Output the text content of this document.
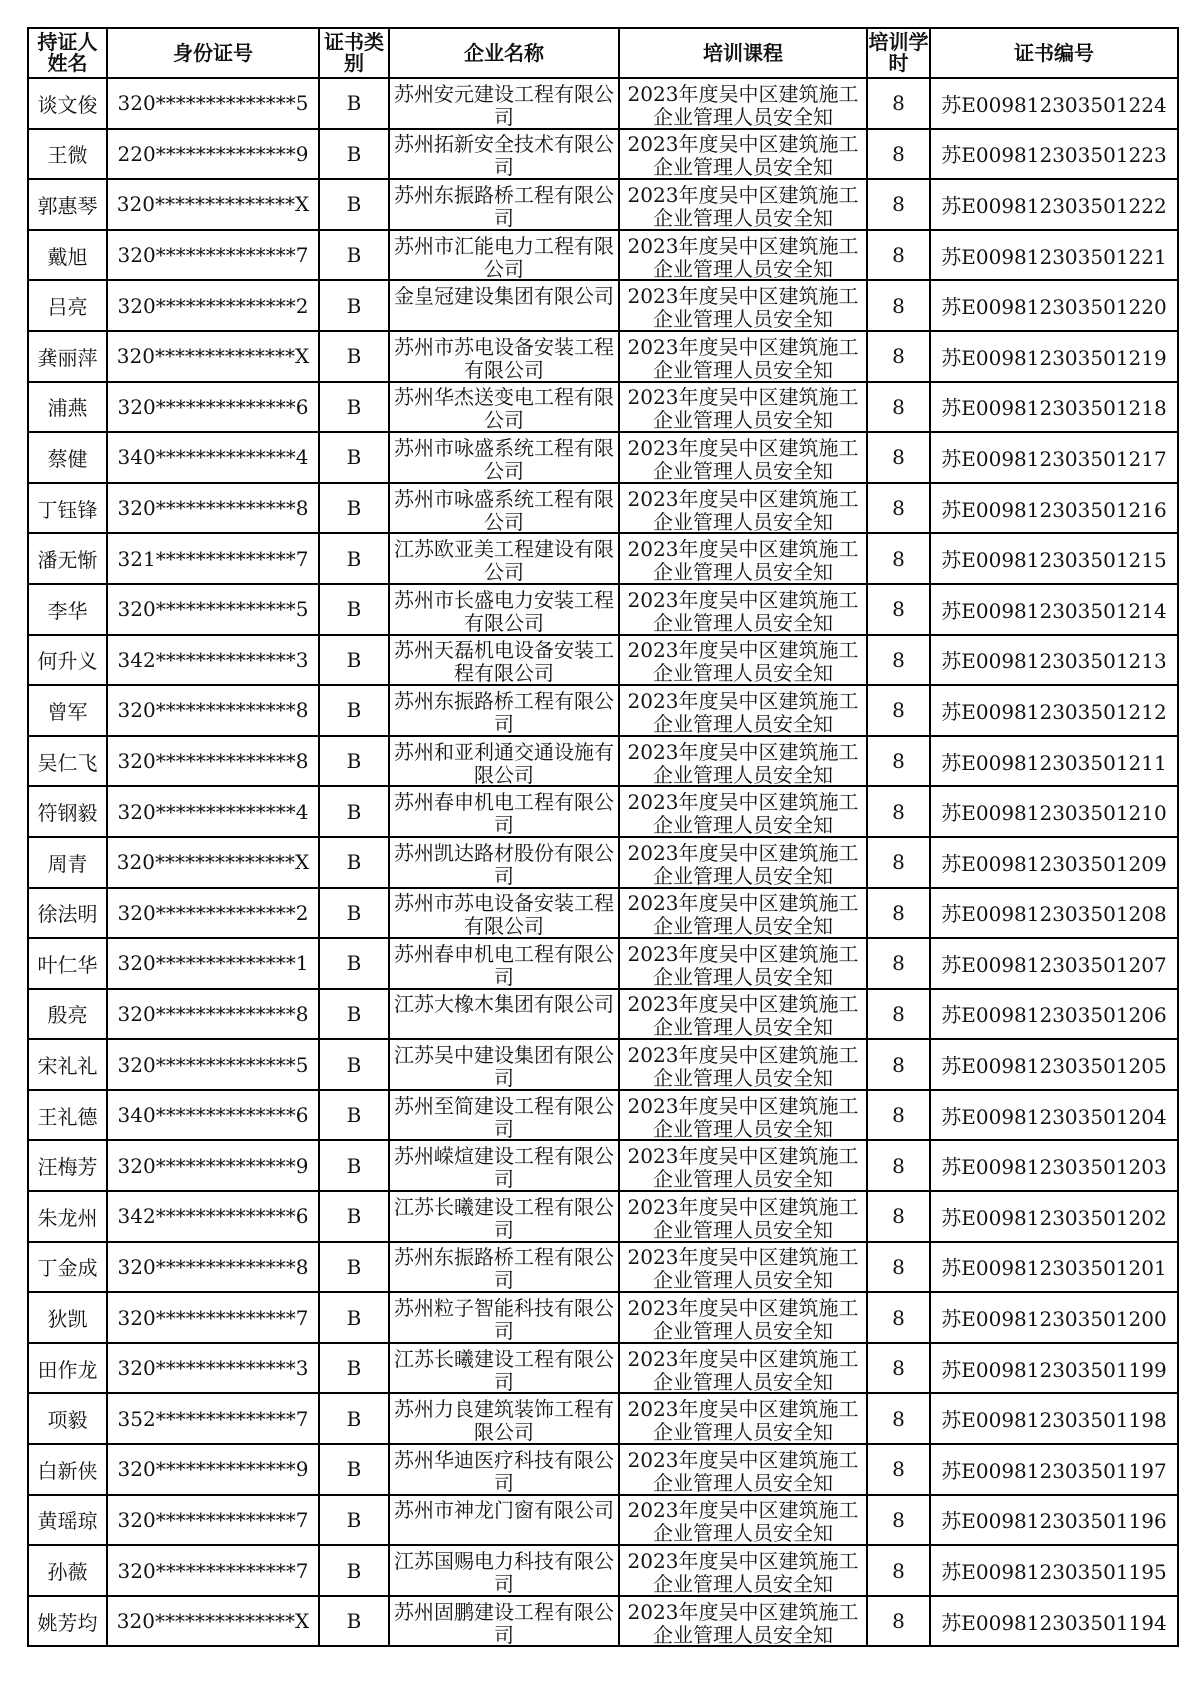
持证人姓名	身份证号	证书类别	企业名称	培训课程	培训学时	证书编号

谈文俊	320**************5	B	苏州安元建设工程有限公司	2023年度吴中区建筑施工企业管理人员安全知	8	苏E009812303501224
王微	220**************9	B	苏州拓新安全技术有限公司	2023年度吴中区建筑施工企业管理人员安全知	8	苏E009812303501223
郭惠琴	320**************X	B	苏州东振路桥工程有限公司	2023年度吴中区建筑施工企业管理人员安全知	8	苏E009812303501222
戴旭	320**************7	B	苏州市汇能电力工程有限公司	2023年度吴中区建筑施工企业管理人员安全知	8	苏E009812303501221
吕亮	320**************2	B	金皇冠建设集团有限公司	2023年度吴中区建筑施工企业管理人员安全知	8	苏E009812303501220
龚丽萍	320**************X	B	苏州市苏电设备安装工程有限公司	2023年度吴中区建筑施工企业管理人员安全知	8	苏E009812303501219
浦燕	320**************6	B	苏州华杰送变电工程有限公司	2023年度吴中区建筑施工企业管理人员安全知	8	苏E009812303501218
蔡健	340**************4	B	苏州市咏盛系统工程有限公司	2023年度吴中区建筑施工企业管理人员安全知	8	苏E009812303501217
丁钰锋	320**************8	B	苏州市咏盛系统工程有限公司	2023年度吴中区建筑施工企业管理人员安全知	8	苏E009812303501216
潘无惭	321**************7	B	江苏欧亚美工程建设有限公司	2023年度吴中区建筑施工企业管理人员安全知	8	苏E009812303501215
李华	320**************5	B	苏州市长盛电力安装工程有限公司	2023年度吴中区建筑施工企业管理人员安全知	8	苏E009812303501214
何升义	342**************3	B	苏州天磊机电设备安装工程有限公司	2023年度吴中区建筑施工企业管理人员安全知	8	苏E009812303501213
曾军	320**************8	B	苏州东振路桥工程有限公司	2023年度吴中区建筑施工企业管理人员安全知	8	苏E009812303501212
吴仁飞	320**************8	B	苏州和亚利通交通设施有限公司	2023年度吴中区建筑施工企业管理人员安全知	8	苏E009812303501211
符钢毅	320**************4	B	苏州春申机电工程有限公司	2023年度吴中区建筑施工企业管理人员安全知	8	苏E009812303501210
周青	320**************X	B	苏州凯达路材股份有限公司	2023年度吴中区建筑施工企业管理人员安全知	8	苏E009812303501209
徐法明	320**************2	B	苏州市苏电设备安装工程有限公司	2023年度吴中区建筑施工企业管理人员安全知	8	苏E009812303501208
叶仁华	320**************1	B	苏州春申机电工程有限公司	2023年度吴中区建筑施工企业管理人员安全知	8	苏E009812303501207
殷亮	320**************8	B	江苏大橡木集团有限公司	2023年度吴中区建筑施工企业管理人员安全知	8	苏E009812303501206
宋礼礼	320**************5	B	江苏吴中建设集团有限公司	2023年度吴中区建筑施工企业管理人员安全知	8	苏E009812303501205
王礼德	340**************6	B	苏州至简建设工程有限公司	2023年度吴中区建筑施工企业管理人员安全知	8	苏E009812303501204
汪梅芳	320**************9	B	苏州嵘煊建设工程有限公司	2023年度吴中区建筑施工企业管理人员安全知	8	苏E009812303501203
朱龙州	342**************6	B	江苏长曦建设工程有限公司	2023年度吴中区建筑施工企业管理人员安全知	8	苏E009812303501202
丁金成	320**************8	B	苏州东振路桥工程有限公司	2023年度吴中区建筑施工企业管理人员安全知	8	苏E009812303501201
狄凯	320**************7	B	苏州粒子智能科技有限公司	2023年度吴中区建筑施工企业管理人员安全知	8	苏E009812303501200
田作龙	320**************3	B	江苏长曦建设工程有限公司	2023年度吴中区建筑施工企业管理人员安全知	8	苏E009812303501199
项毅	352**************7	B	苏州力良建筑装饰工程有限公司	2023年度吴中区建筑施工企业管理人员安全知	8	苏E009812303501198
白新侠	320**************9	B	苏州华迪医疗科技有限公司	2023年度吴中区建筑施工企业管理人员安全知	8	苏E009812303501197
黄瑶琼	320**************7	B	苏州市神龙门窗有限公司	2023年度吴中区建筑施工企业管理人员安全知	8	苏E009812303501196
孙薇	320**************7	B	江苏国赐电力科技有限公司	2023年度吴中区建筑施工企业管理人员安全知	8	苏E009812303501195
姚芳均	320**************X	B	苏州固鹏建设工程有限公司	2023年度吴中区建筑施工企业管理人员安全知	8	苏E009812303501194
